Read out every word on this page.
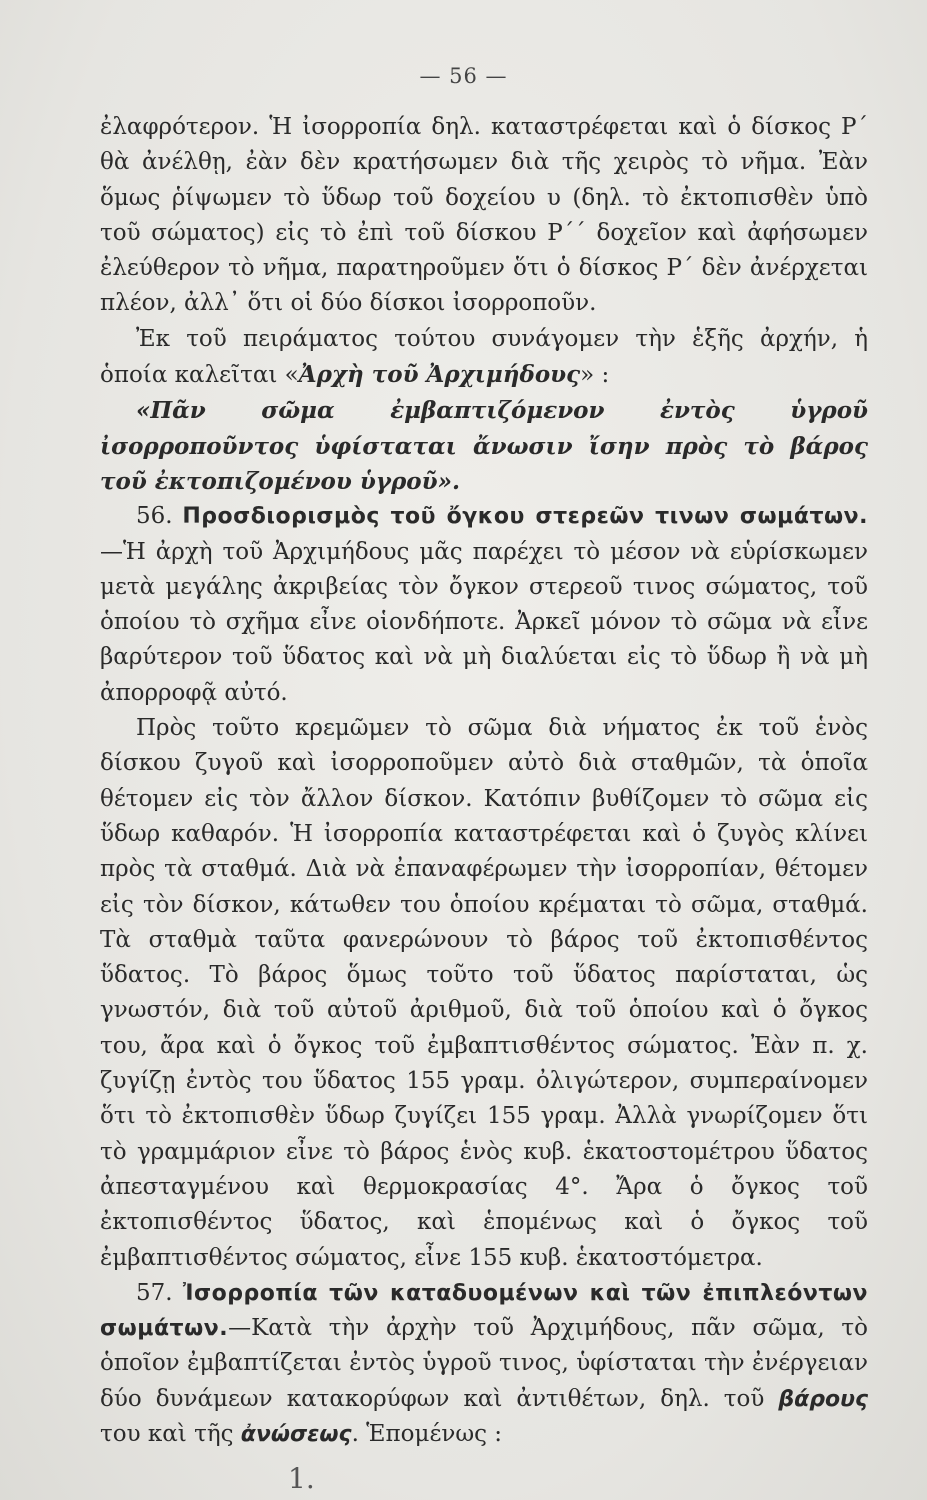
— 56 —

ἐλαφρότερον. Ἡ ἰσορροπία δηλ. καταστρέφεται καὶ ὁ δίσκος Ρ΄ θὰ ἀνέλθῃ, ἐὰν δὲν κρατήσωμεν διὰ τῆς χειρὸς τὸ νῆμα. Ἐὰν ὅμως ῥίψωμεν τὸ ὕδωρ τοῦ δοχείου υ (δηλ. τὸ ἐκτοπισθὲν ὑπὸ τοῦ σώματος) εἰς τὸ ἐπὶ τοῦ δίσκου Ρ΄΄ δοχεῖον καὶ ἀφήσωμεν ἐλεύθερον τὸ νῆμα, παρατηροῦμεν ὅτι ὁ δίσκος Ρ΄ δὲν ἀνέρχεται πλέον, ἀλλ᾽ ὅτι οἱ δύο δίσκοι ἰσορροποῦν.

Ἐκ τοῦ πειράματος τούτου συνάγομεν τὴν ἑξῆς ἀρχήν, ἡ ὁποία καλεῖται «Ἀρχὴ τοῦ Ἀρχιμήδους» :

«Πᾶν σῶμα ἐμβαπτιζόμενον ἐντὸς ὑγροῦ ἰσορροποῦντος ὑφίσταται ἄνωσιν ἴσην πρὸς τὸ βάρος τοῦ ἐκτοπιζομένου ὑγροῦ».

56. Προσδιορισμὸς τοῦ ὄγκου στερεῶν τινων σωμάτων.—Ἡ ἀρχὴ τοῦ Ἀρχιμήδους μᾶς παρέχει τὸ μέσον νὰ εὑρίσκωμεν μετὰ μεγάλης ἀκριβείας τὸν ὄγκον στερεοῦ τινος σώματος, τοῦ ὁποίου τὸ σχῆμα εἶνε οἱονδήποτε. Ἀρκεῖ μόνον τὸ σῶμα νὰ εἶνε βαρύτερον τοῦ ὕδατος καὶ νὰ μὴ διαλύεται εἰς τὸ ὕδωρ ἢ νὰ μὴ ἀπορροφᾷ αὐτό.

Πρὸς τοῦτο κρεμῶμεν τὸ σῶμα διὰ νήματος ἐκ τοῦ ἑνὸς δίσκου ζυγοῦ καὶ ἰσορροποῦμεν αὐτὸ διὰ σταθμῶν, τὰ ὁποῖα θέτομεν εἰς τὸν ἄλλον δίσκον. Κατόπιν βυθίζομεν τὸ σῶμα εἰς ὕδωρ καθαρόν. Ἡ ἰσορροπία καταστρέφεται καὶ ὁ ζυγὸς κλίνει πρὸς τὰ σταθμά. Διὰ νὰ ἐπαναφέρωμεν τὴν ἰσορροπίαν, θέτομεν εἰς τὸν δίσκον, κάτωθεν του ὁποίου κρέμαται τὸ σῶμα, σταθμά. Τὰ σταθμὰ ταῦτα φανερώνουν τὸ βάρος τοῦ ἐκτοπισθέντος ὕδατος. Τὸ βάρος ὅμως τοῦτο τοῦ ὕδατος παρίσταται, ὡς γνωστόν, διὰ τοῦ αὐτοῦ ἀριθμοῦ, διὰ τοῦ ὁποίου καὶ ὁ ὄγκος του, ἄρα καὶ ὁ ὄγκος τοῦ ἐμβαπτισθέντος σώματος. Ἐὰν π. χ. ζυγίζῃ ἐντὸς του ὕδατος 155 γραμ. ὀλιγώτερον, συμπεραίνομεν ὅτι τὸ ἐκτοπισθὲν ὕδωρ ζυγίζει 155 γραμ. Ἀλλὰ γνωρίζομεν ὅτι τὸ γραμμάριον εἶνε τὸ βάρος ἑνὸς κυβ. ἑκατοστομέτρου ὕδατος ἀπεσταγμένου καὶ θερμοκρασίας 4°. Ἄρα ὁ ὄγκος τοῦ ἐκτοπισθέντος ὕδατος, καὶ ἑπομένως καὶ ὁ ὄγκος τοῦ ἐμβαπτισθέντος σώματος, εἶνε 155 κυβ. ἑκατοστόμετρα.

57. Ἰσορροπία τῶν καταδυομένων καὶ τῶν ἐπιπλεόντων σωμάτων.—Κατὰ τὴν ἀρχὴν τοῦ Ἀρχιμήδους, πᾶν σῶμα, τὸ ὁποῖον ἐμβαπτίζεται ἐντὸς ὑγροῦ τινος, ὑφίσταται τὴν ἐνέργειαν δύο δυνάμεων κατακορύφων καὶ ἀντιθέτων, δηλ. τοῦ βάρους του καὶ τῆς ἀνώσεως. Ἑπομένως :

1.
